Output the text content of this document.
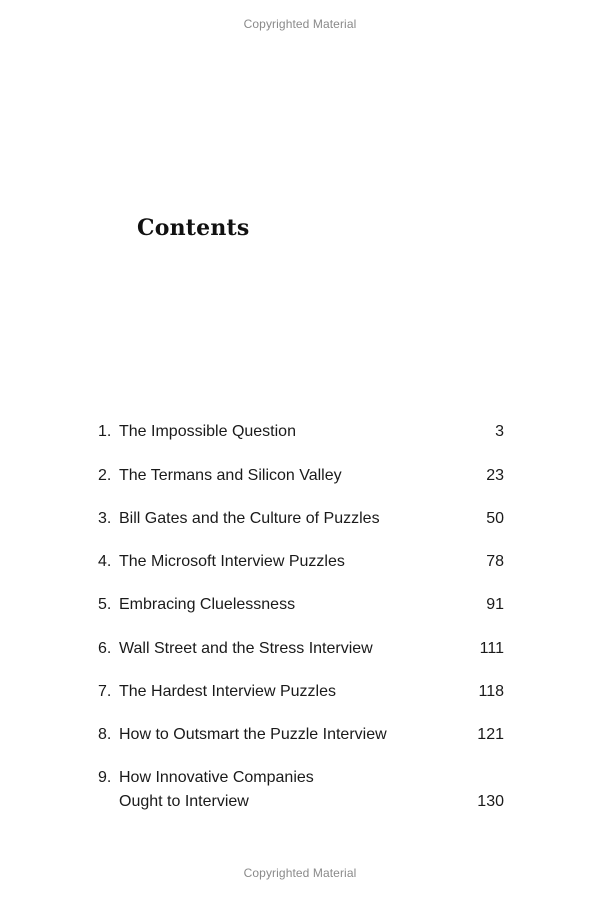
Copyrighted Material
Contents
1. The Impossible Question	3
2. The Termans and Silicon Valley	23
3. Bill Gates and the Culture of Puzzles	50
4. The Microsoft Interview Puzzles	78
5. Embracing Cluelessness	91
6. Wall Street and the Stress Interview	111
7. The Hardest Interview Puzzles	118
8. How to Outsmart the Puzzle Interview	121
9. How Innovative Companies
Ought to Interview	130
Copyrighted Material
